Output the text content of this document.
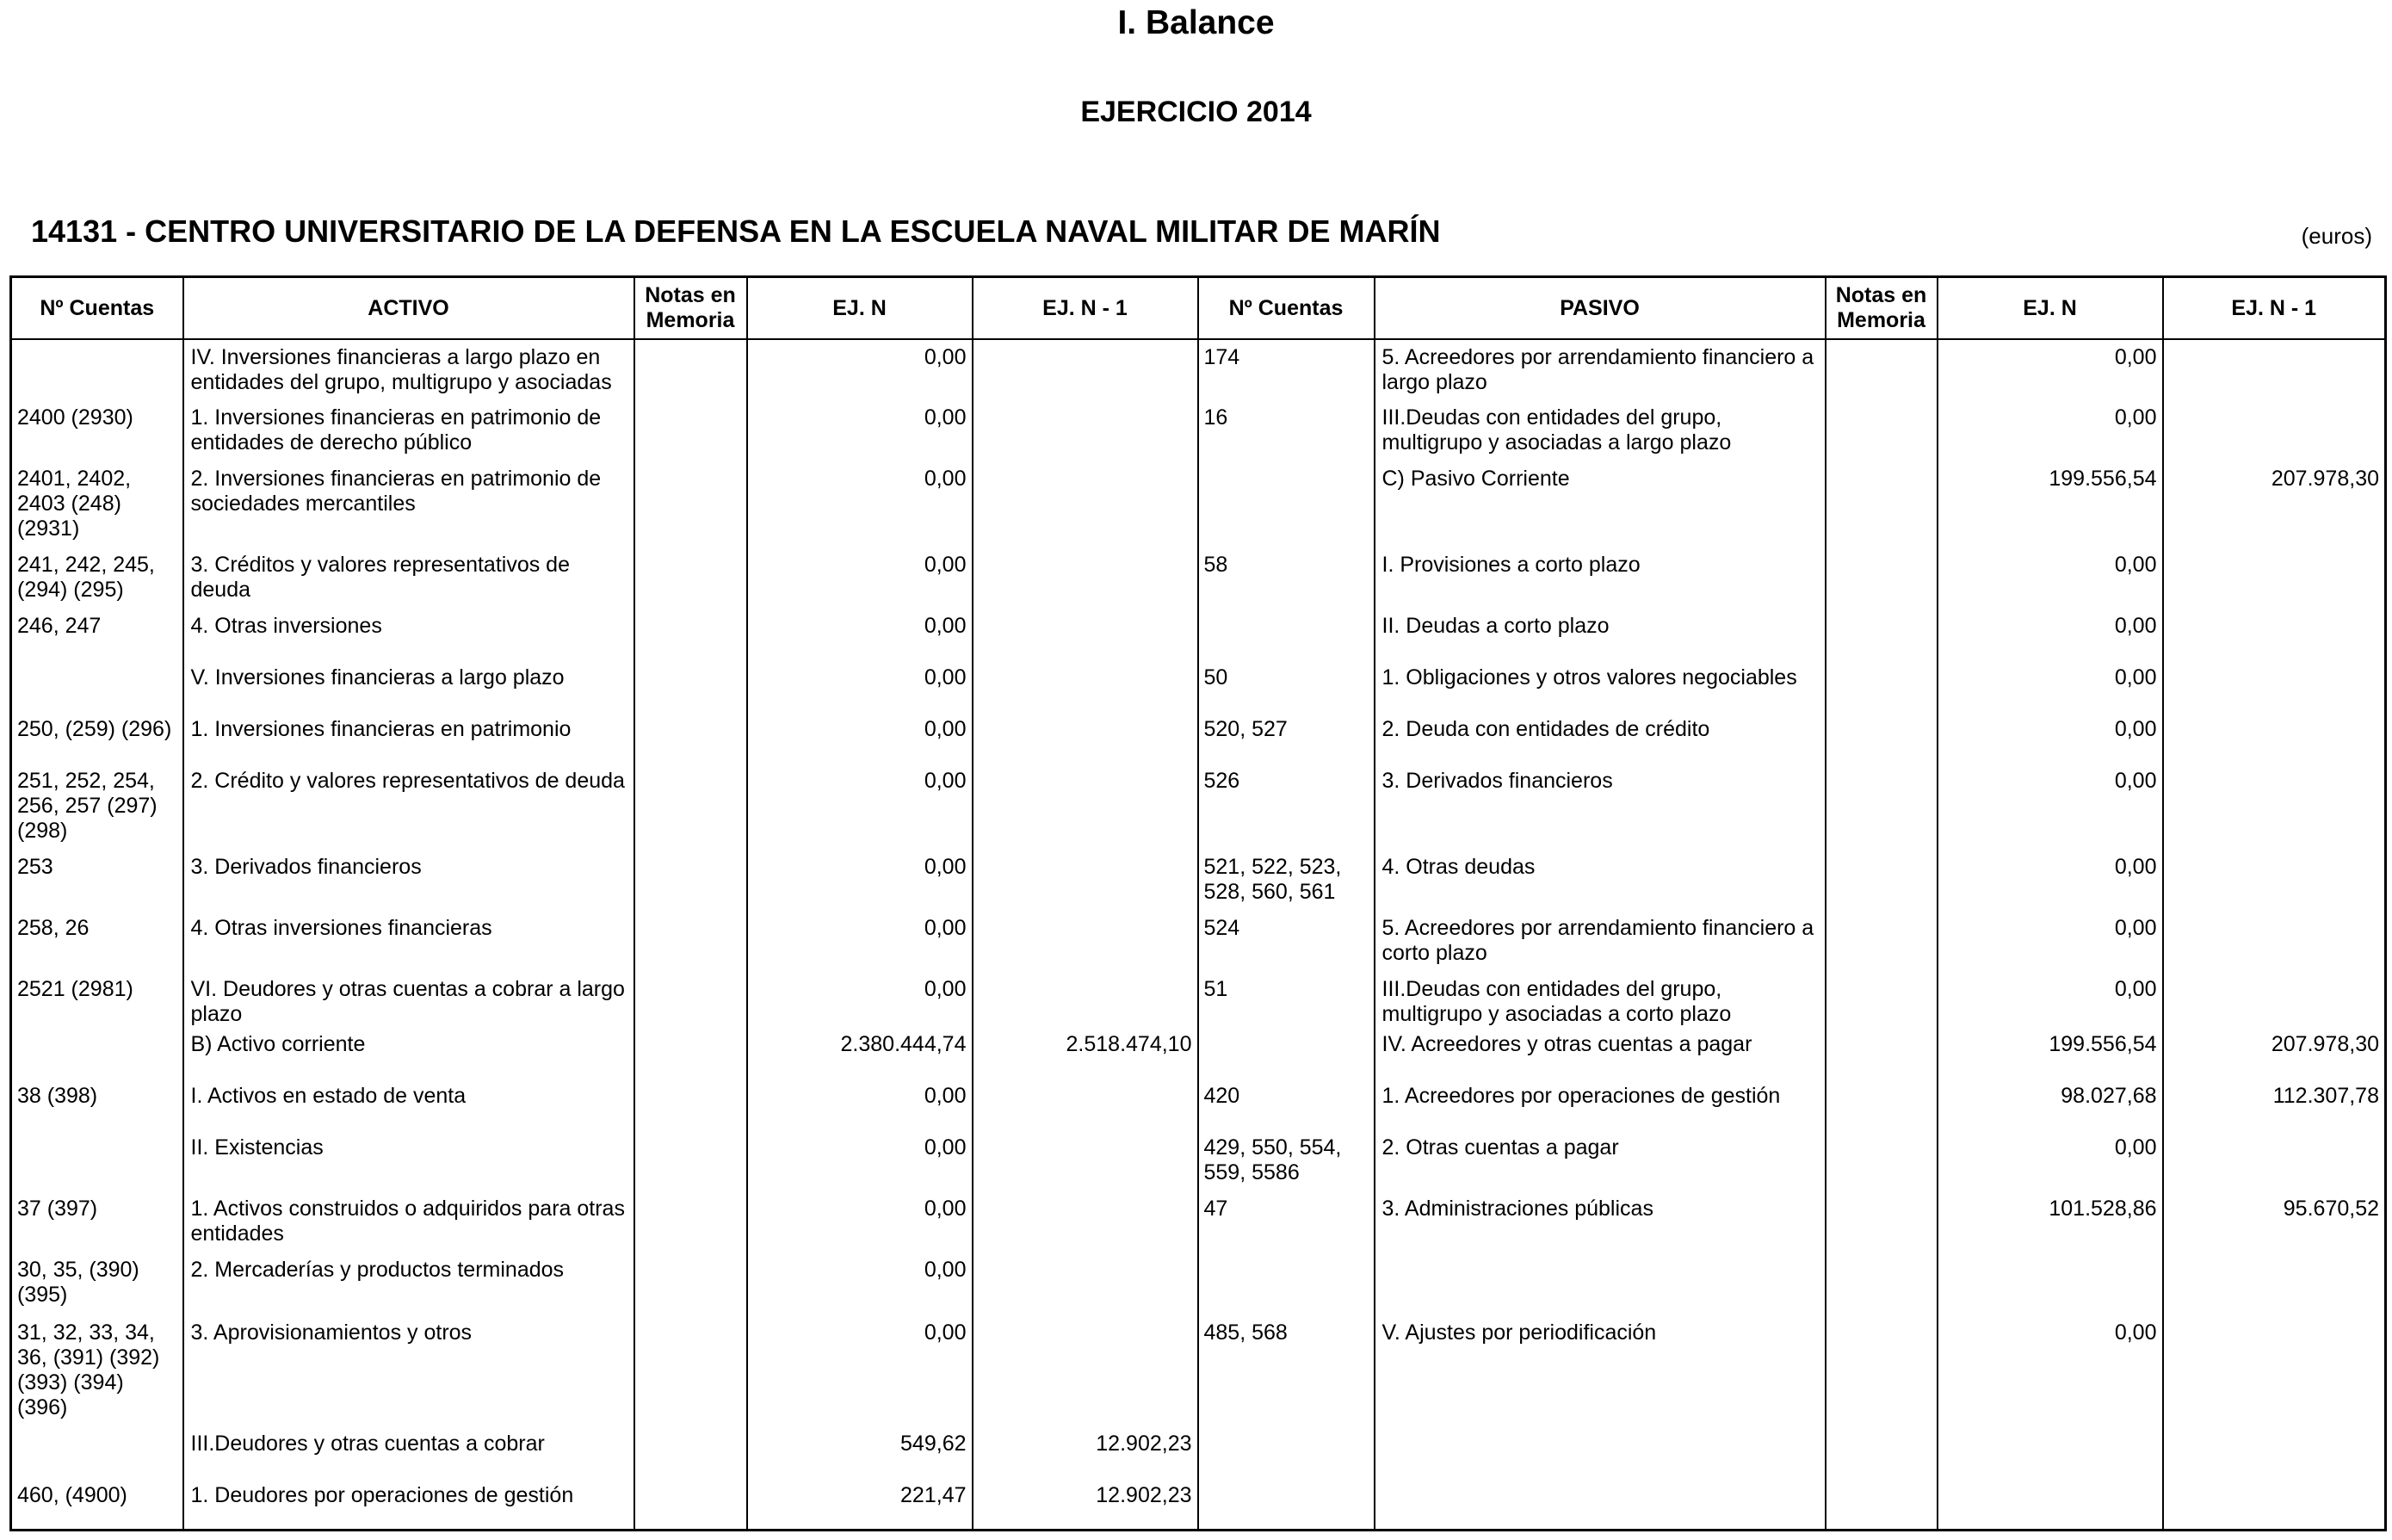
I. Balance
EJERCICIO 2014
14131 - CENTRO UNIVERSITARIO DE LA DEFENSA EN LA ESCUELA NAVAL MILITAR DE MARÍN	(euros)
Nº Cuentas	ACTIVO	Notas en Memoria	EJ. N	EJ. N - 1	Nº Cuentas	PASIVO	Notas en Memoria	EJ. N	EJ. N - 1
	IV. Inversiones financieras a largo plazo en entidades del grupo, multigrupo y asociadas		0,00		174	5. Acreedores por arrendamiento financiero a largo plazo		0,00	
2400 (2930)	1. Inversiones financieras en patrimonio de entidades de derecho público		0,00		16	III.Deudas con entidades del grupo, multigrupo y asociadas a largo plazo		0,00	
2401, 2402, 2403 (248) (2931)	2. Inversiones financieras en patrimonio de sociedades mercantiles		0,00			C) Pasivo Corriente		199.556,54	207.978,30
241, 242, 245, (294) (295)	3. Créditos y valores representativos de deuda		0,00		58	I. Provisiones a corto plazo		0,00	
246, 247	4. Otras inversiones		0,00			II. Deudas a corto plazo		0,00	
	V. Inversiones financieras a largo plazo		0,00		50	1. Obligaciones y otros valores negociables		0,00	
250, (259) (296)	1. Inversiones financieras en patrimonio		0,00		520, 527	2. Deuda con entidades de crédito		0,00	
251, 252, 254, 256, 257 (297) (298)	2. Crédito y valores representativos de deuda		0,00		526	3. Derivados financieros		0,00	
253	3. Derivados financieros		0,00		521, 522, 523, 528, 560, 561	4. Otras deudas		0,00	
258, 26	4. Otras inversiones financieras		0,00		524	5. Acreedores por arrendamiento financiero a corto plazo		0,00	
2521 (2981)	VI. Deudores y otras cuentas a cobrar a largo plazo		0,00		51	III.Deudas con entidades del grupo, multigrupo y asociadas a corto plazo		0,00	
	B) Activo corriente		2.380.444,74	2.518.474,10		IV. Acreedores y otras cuentas a pagar		199.556,54	207.978,30
38 (398)	I. Activos en estado de venta		0,00		420	1. Acreedores por operaciones de gestión		98.027,68	112.307,78
	II. Existencias		0,00		429, 550, 554, 559, 5586	2. Otras cuentas a pagar		0,00	
37 (397)	1. Activos construidos o adquiridos para otras entidades		0,00		47	3. Administraciones públicas		101.528,86	95.670,52
30, 35, (390) (395)	2. Mercaderías y productos terminados		0,00						
31, 32, 33, 34, 36, (391) (392) (393) (394) (396)	3. Aprovisionamientos y otros		0,00		485, 568	V. Ajustes por periodificación		0,00	
	III.Deudores y otras cuentas a cobrar		549,62	12.902,23					
460, (4900)	1. Deudores por operaciones de gestión		221,47	12.902,23					
